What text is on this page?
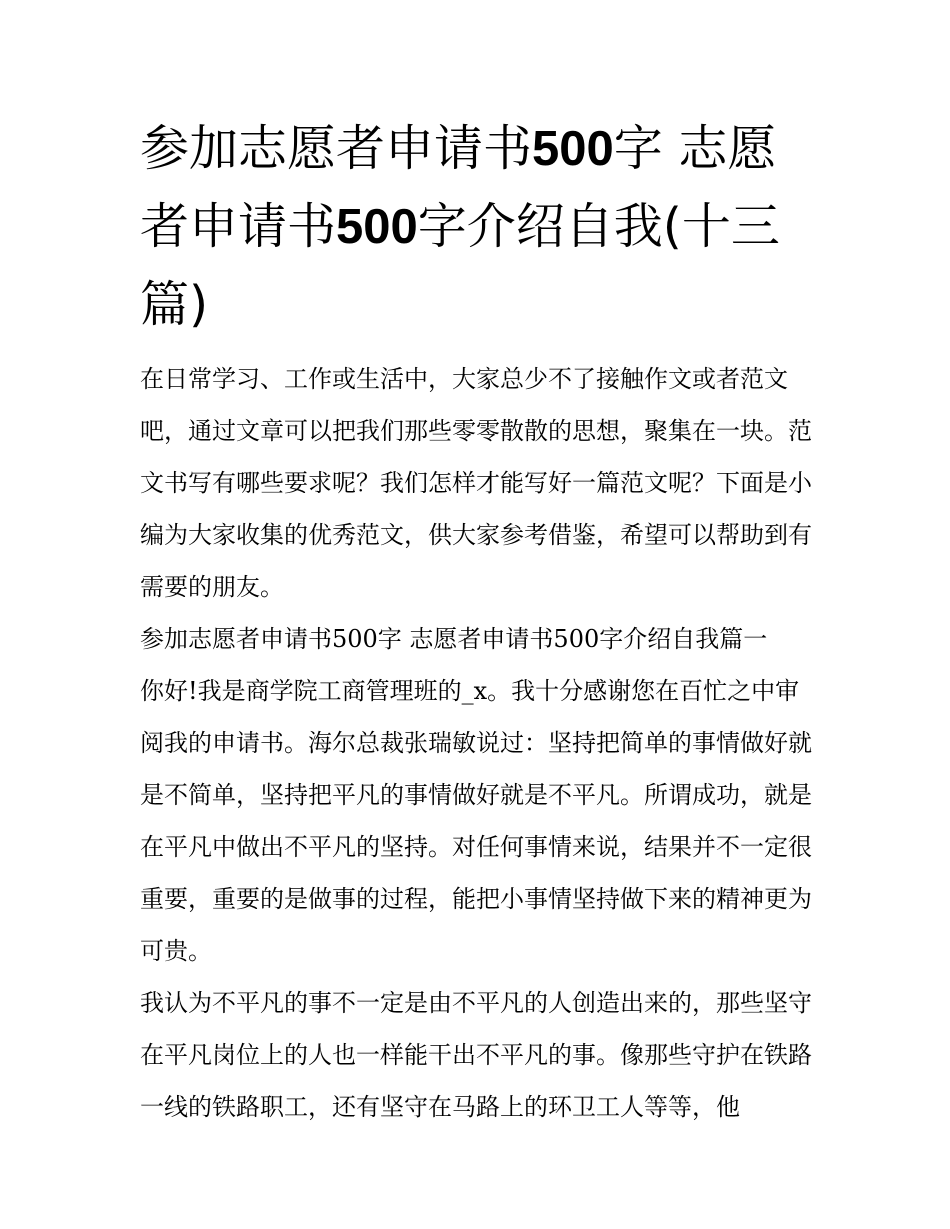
参加志愿者申请书500字 志愿者申请书500字介绍自我(十三篇)

在日常学习、工作或生活中，大家总少不了接触作文或者范文吧，通过文章可以把我们那些零零散散的思想，聚集在一块。范文书写有哪些要求呢？我们怎样才能写好一篇范文呢？下面是小编为大家收集的优秀范文，供大家参考借鉴，希望可以帮助到有需要的朋友。

参加志愿者申请书500字 志愿者申请书500字介绍自我篇一

你好!我是商学院工商管理班的_x。我十分感谢您在百忙之中审阅我的申请书。海尔总裁张瑞敏说过：坚持把简单的事情做好就是不简单，坚持把平凡的事情做好就是不平凡。所谓成功，就是在平凡中做出不平凡的坚持。对任何事情来说，结果并不一定很重要，重要的是做事的过程，能把小事情坚持做下来的精神更为可贵。

我认为不平凡的事不一定是由不平凡的人创造出来的，那些坚守在平凡岗位上的人也一样能干出不平凡的事。像那些守护在铁路一线的铁路职工，还有坚守在马路上的环卫工人等等，他
